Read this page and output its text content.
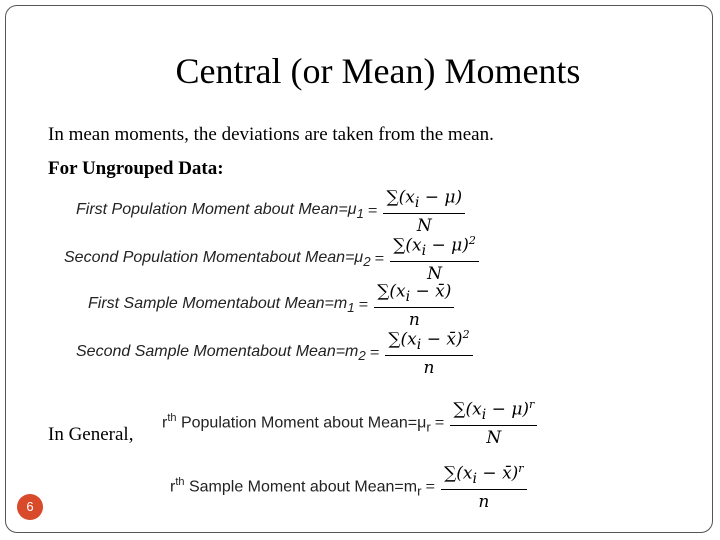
Central (or Mean) Moments
In mean moments, the deviations are taken from the mean.
For Ungrouped Data:
First Population Moment about $Mean=\mu_1 = \frac{\sum(x_i - \mu)}{N}$
Second Population Momentabout $Mean=\mu_2 = \frac{\sum(x_i - \mu)^2}{N}$
First Sample Momentabout $Mean=m_1 = \frac{\sum(x_i - x̄)}{n}$
Second Sample Momentabout $Mean=m_2 = \frac{\sum(x_i - x̄)^2}{n}$
In General,
$r^{th}$ Population Moment about $Mean=\mu_r = \frac{\sum(x_i - \mu)^r}{N}$
$r^{th}$ Sample Moment about $Mean=m_r = \frac{\sum(x_i - x̄)^r}{n}$
6
